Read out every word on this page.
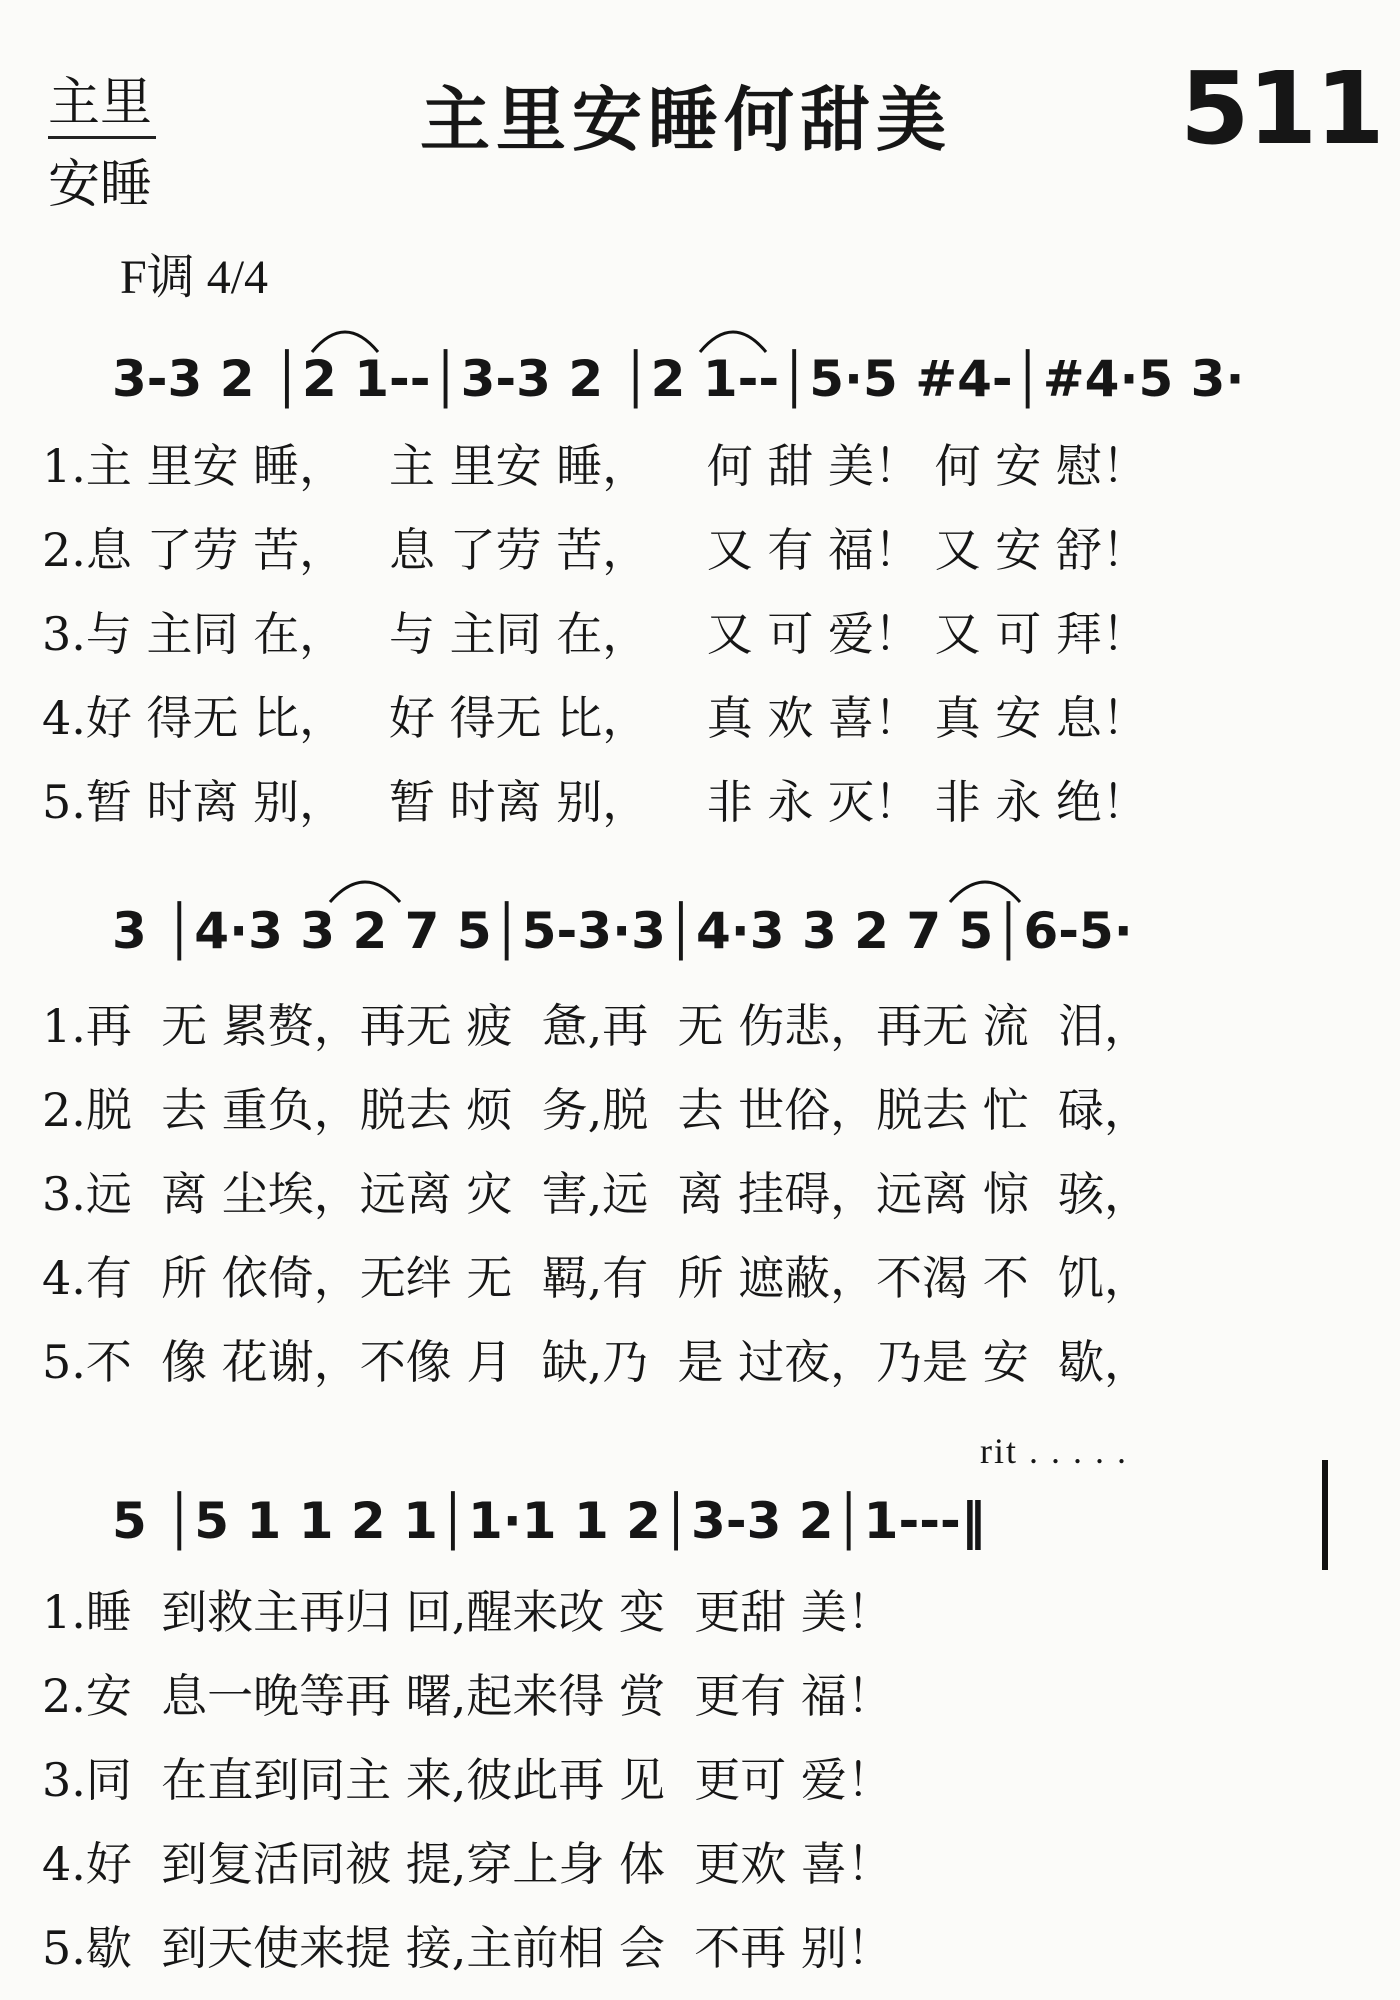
主里
安睡
主里安睡何甜美 511
F调 4/4
3-3 2 │2 1--│3-3 2 │2 1--│5·5 #4-│#4·5 3·
1.主 里安 睡，   主 里安 睡，    何 甜 美！ 何 安 慰！
2.息 了劳 苦，   息 了劳 苦，    又 有 福！ 又 安 舒！
3.与 主同 在，   与 主同 在，    又 可 爱！ 又 可 拜！
4.好 得无 比，   好 得无 比，    真 欢 喜！ 真 安 息！
5.暂 时离 别，   暂 时离 别，    非 永 灭！ 非 永 绝！
3 │4·3 3 2 7 5│5-3·3│4·3 3 2 7 5│6-5·
1.再  无 累赘，再无 疲  惫,再  无 伤悲，再无 流  泪，
2.脱  去 重负，脱去 烦  务,脱  去 世俗，脱去 忙  碌，
3.远  离 尘埃，远离 灾  害,远  离 挂碍，远离 惊  骇，
4.有  所 依倚，无绊 无  羁,有  所 遮蔽，不渴 不  饥，
5.不  像 花谢，不像 月  缺,乃  是 过夜，乃是 安  歇，
rit . . . . .
5 │5 1 1 2 1│1·1 1 2│3-3 2│1---‖
1.睡  到救主再归 回,醒来改 变  更甜 美！
2.安  息一晚等再 曙,起来得 赏  更有 福！
3.同  在直到同主 来,彼此再 见  更可 爱！
4.好  到复活同被 提,穿上身 体  更欢 喜！
5.歇  到天使来提 接,主前相 会  不再 别！
